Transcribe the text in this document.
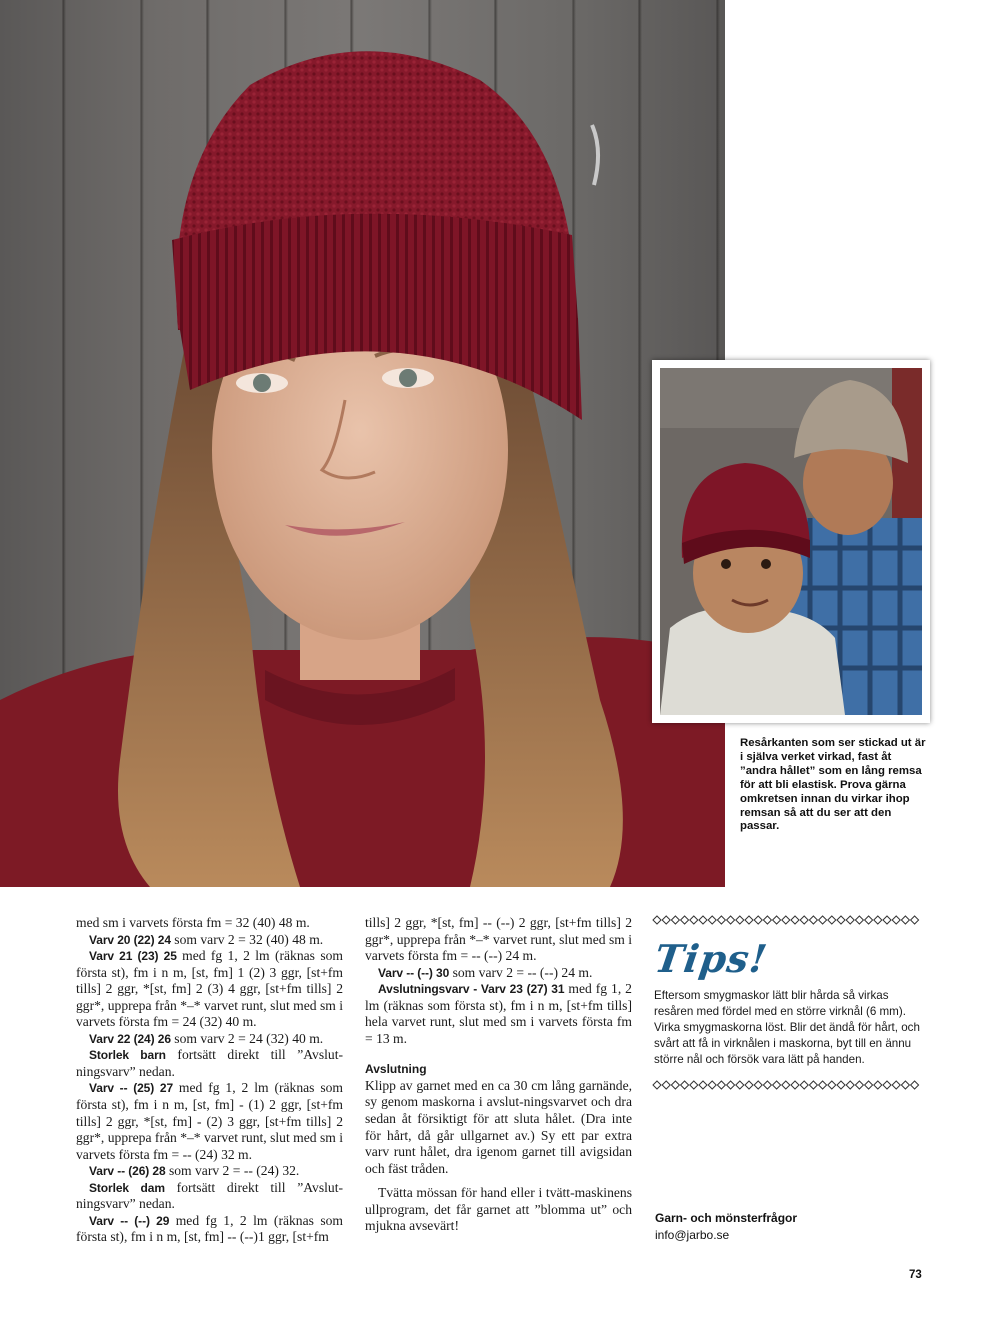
Resårkanten som ser stickad ut är i själva verket virkad, fast åt ”andra hållet” som en lång remsa för att bli elastisk. Prova gärna omkretsen innan du virkar ihop remsan så att du ser att den passar.

med sm i varvets första fm = 32 (40) 48 m.

Varv 20 (22) 24 som varv 2 = 32 (40) 48 m.

Varv 21 (23) 25 med fg 1, 2 lm (räknas som första st), fm i n m, [st, fm] 1 (2) 3 ggr, [st+fm tills] 2 ggr, *[st, fm] 2 (3) 4 ggr, [st+fm tills] 2 ggr*, upprepa från *–* varvet runt, slut med sm i varvets första fm = 24 (32) 40 m.

Varv 22 (24) 26 som varv 2 = 24 (32) 40 m.

Storlek barn fortsätt direkt till ”Avslut-ningsvarv” nedan.

Varv -- (25) 27 med fg 1, 2 lm (räknas som första st), fm i n m, [st, fm] - (1) 2 ggr, [st+fm tills] 2 ggr, *[st, fm] - (2) 3 ggr, [st+fm tills] 2 ggr*, upprepa från *–* varvet runt, slut med sm i varvets första fm = -- (24) 32 m.

Varv -- (26) 28 som varv 2 = -- (24) 32.

Storlek dam fortsätt direkt till ”Avslut-ningsvarv” nedan.

Varv -- (--) 29 med fg 1, 2 lm (räknas som första st), fm i n m, [st, fm] -- (--)1 ggr, [st+fm

tills] 2 ggr, *[st, fm] -- (--) 2 ggr, [st+fm tills] 2 ggr*, upprepa från *–* varvet runt, slut med sm i varvets första fm = -- (--) 24 m.

Varv -- (--) 30 som varv 2 = -- (--) 24 m.

Avslutningsvarv - Varv 23 (27) 31 med fg 1, 2 lm (räknas som första st), fm i n m, [st+fm tills] hela varvet runt, slut med sm i varvets första fm = 13 m.

Avslutning

Klipp av garnet med en ca 30 cm lång garnände, sy genom maskorna i avslut-ningsvarvet och dra sedan åt försiktigt för att sluta hålet. (Dra inte för hårt, då går ullgarnet av.) Sy ett par extra varv runt hålet, dra igenom garnet till avigsidan och fäst tråden.

Tvätta mössan för hand eller i tvätt-maskinens ullprogram, det får garnet att ”blomma ut” och mjukna avsevärt!

Tips!
Eftersom smygmaskor lätt blir hårda så virkas resåren med fördel med en större virknål (6 mm). Virka smygmaskorna löst. Blir det ändå för hårt, och svårt att få in virknålen i maskorna, byt till en ännu större nål och försök vara lätt på handen.
Garn- och mönsterfrågor
info@jarbo.se
73
